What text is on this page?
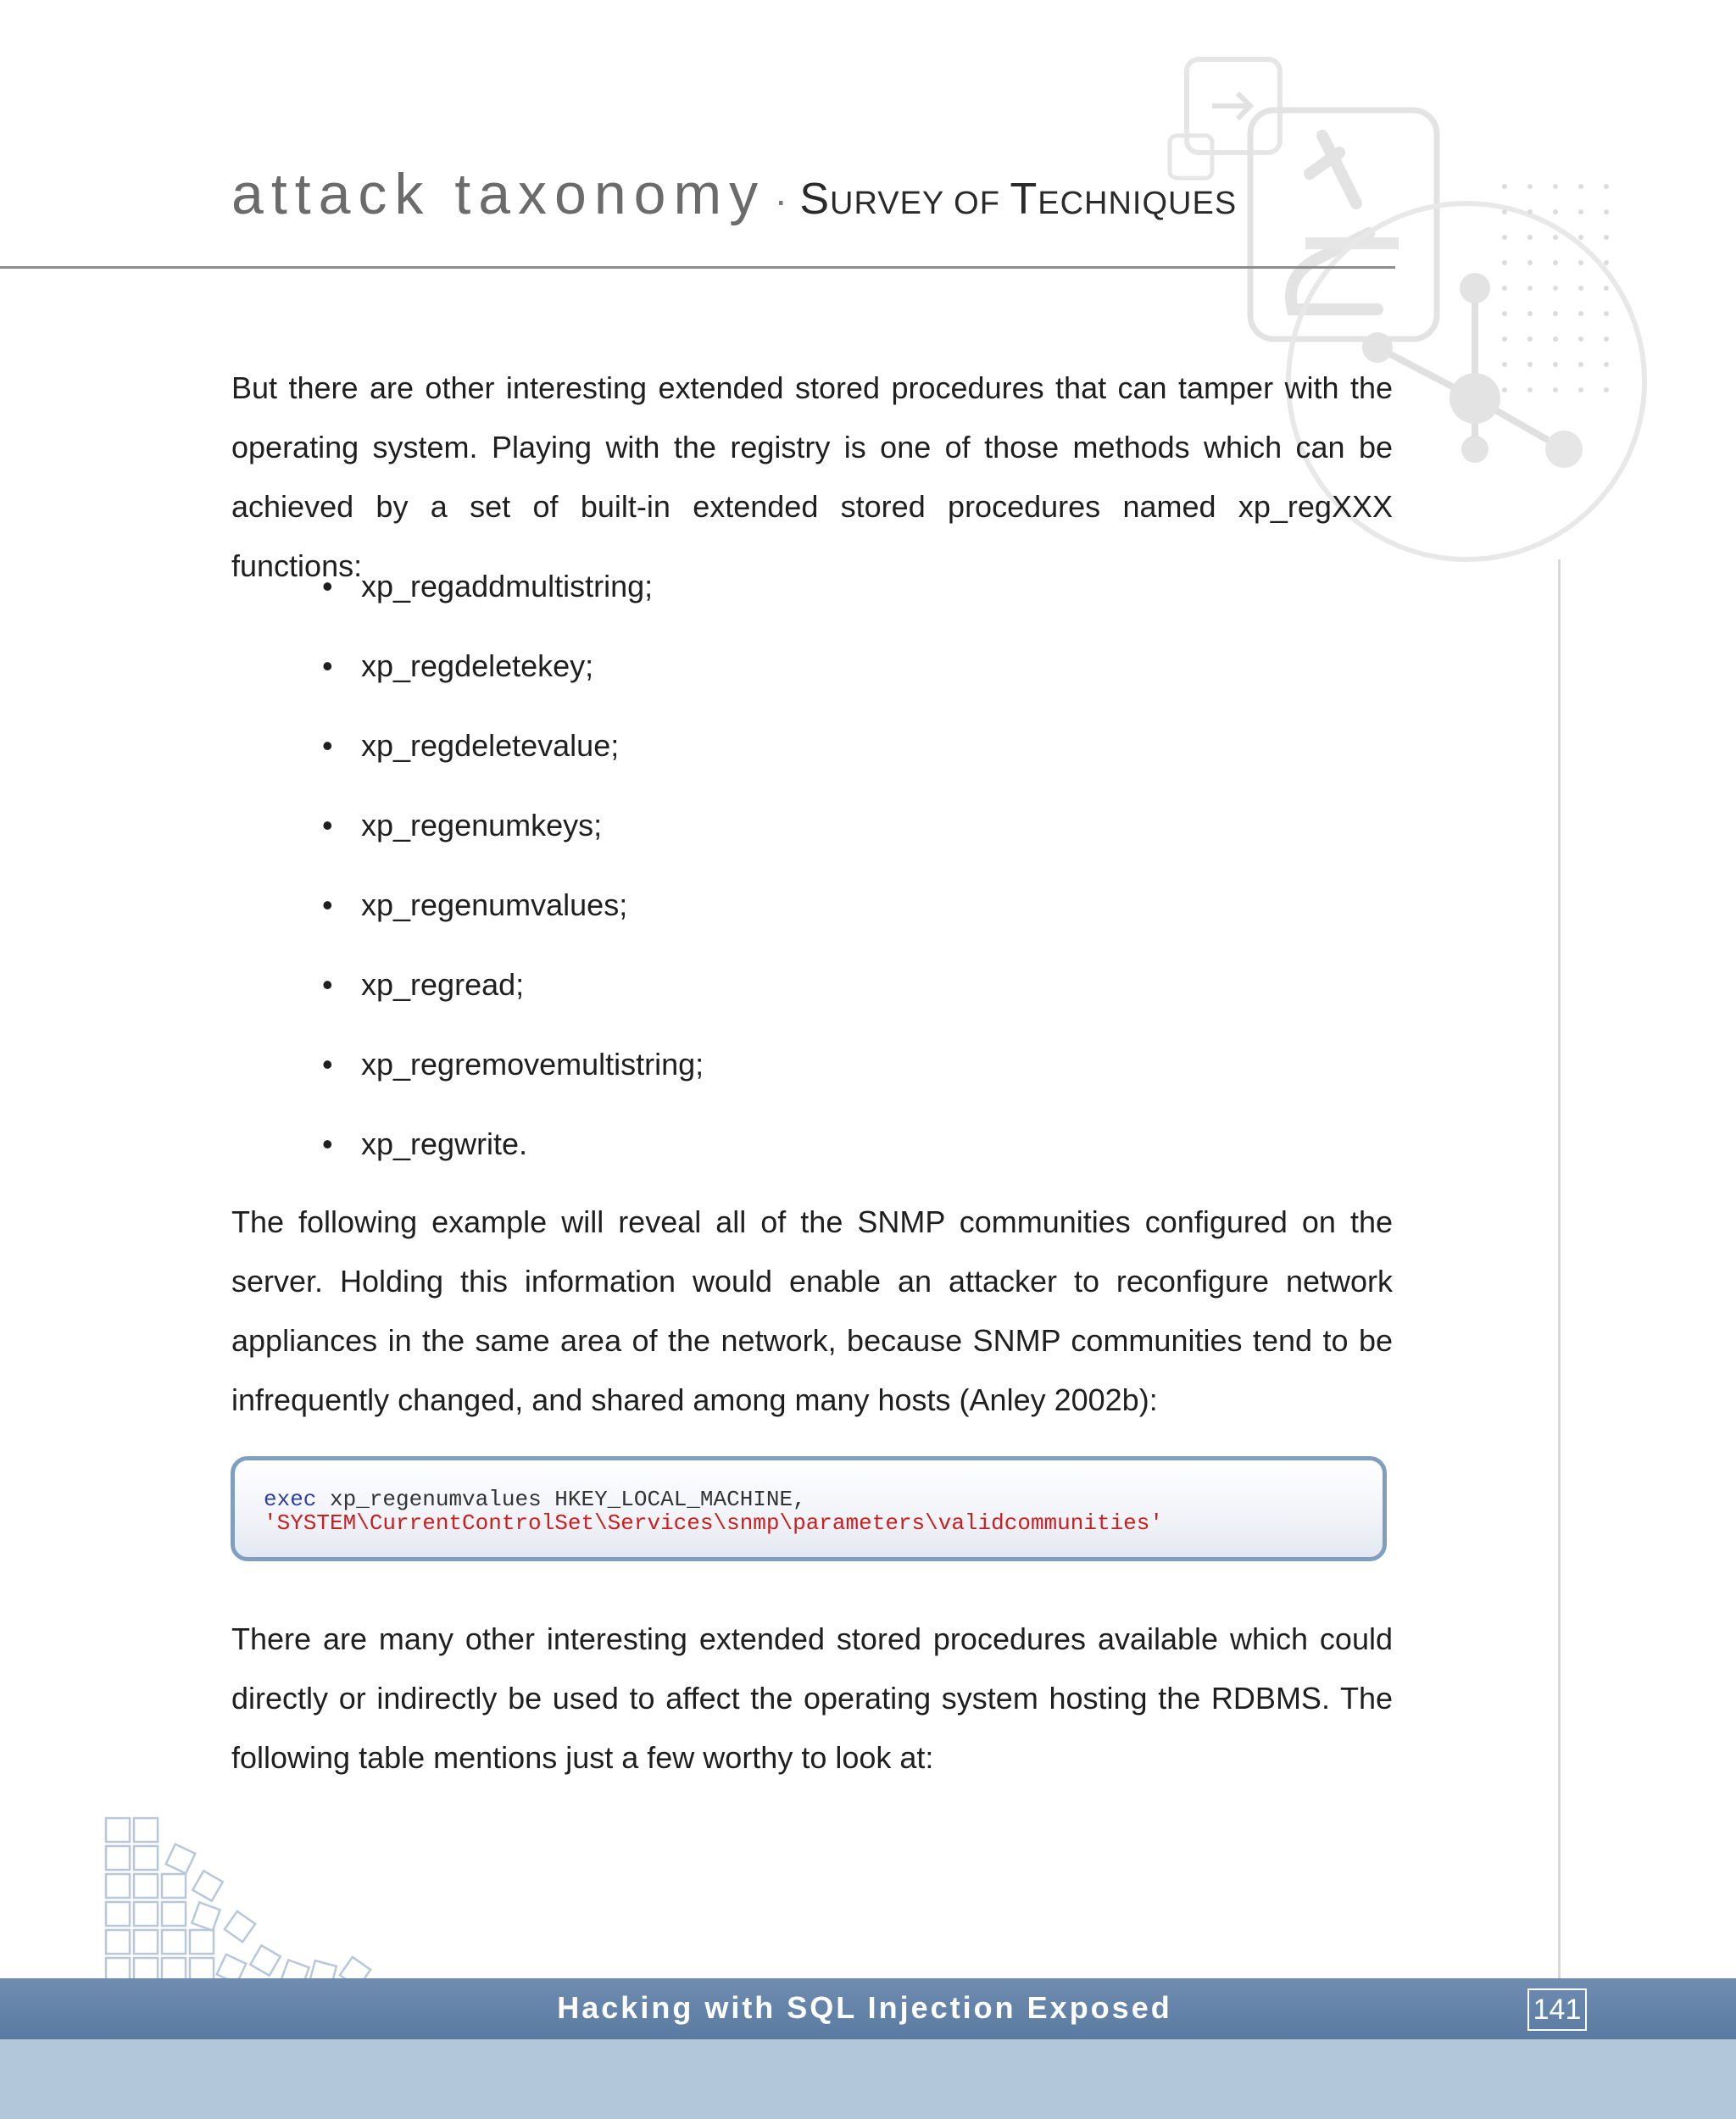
attack taxonomy · SURVEY OF TECHNIQUES

But there are other interesting extended stored procedures that can tamper with the operating system. Playing with the registry is one of those methods which can be achieved by a set of built-in extended stored procedures named xp_regXXX functions:

• xp_regaddmultistring;
• xp_regdeletekey;
• xp_regdeletevalue;
• xp_regenumkeys;
• xp_regenumvalues;
• xp_regread;
• xp_regremovemultistring;
• xp_regwrite.

The following example will reveal all of the SNMP communities configured on the server. Holding this information would enable an attacker to reconfigure network appliances in the same area of the network, because SNMP communities tend to be infrequently changed, and shared among many hosts (Anley 2002b):

exec xp_regenumvalues HKEY_LOCAL_MACHINE,
'SYSTEM\CurrentControlSet\Services\snmp\parameters\validcommunities'

There are many other interesting extended stored procedures available which could directly or indirectly be used to affect the operating system hosting the RDBMS. The following table mentions just a few worthy to look at:

Hacking with SQL Injection Exposed	141
